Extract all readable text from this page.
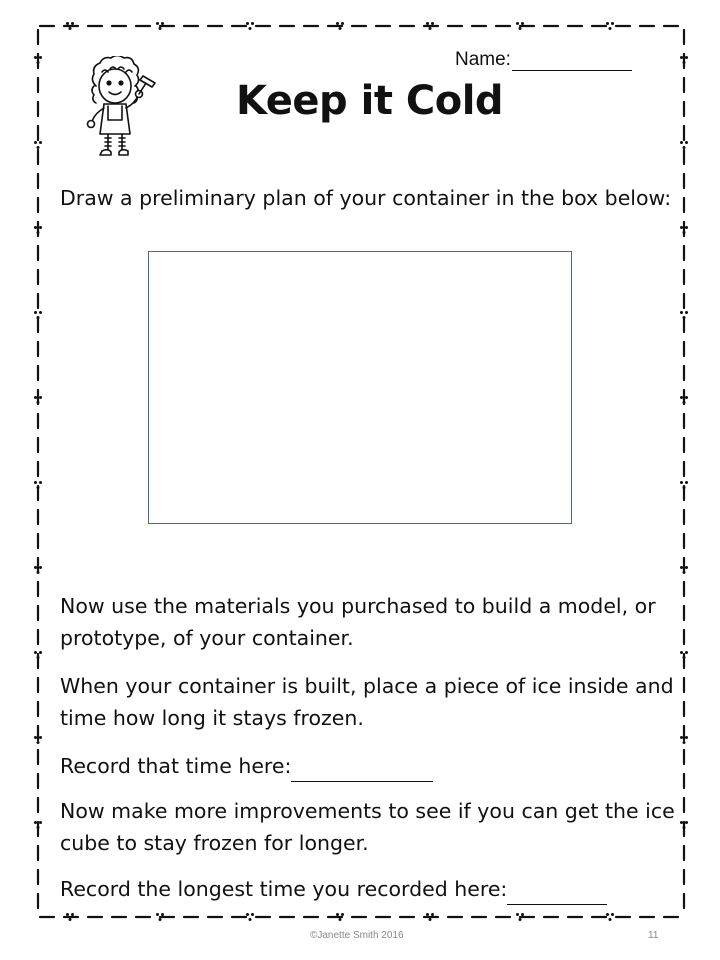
Name:
Keep it Cold
Draw a preliminary plan of your container in the box below:
Now use the materials you purchased to build a model, or prototype, of your container.
When your container is built, place a piece of ice inside and time how long it stays frozen.
Record that time here:
Now make more improvements to see if you can get the ice cube to stay frozen for longer.
Record the longest time you recorded here:
©Janette Smith 2016	11
